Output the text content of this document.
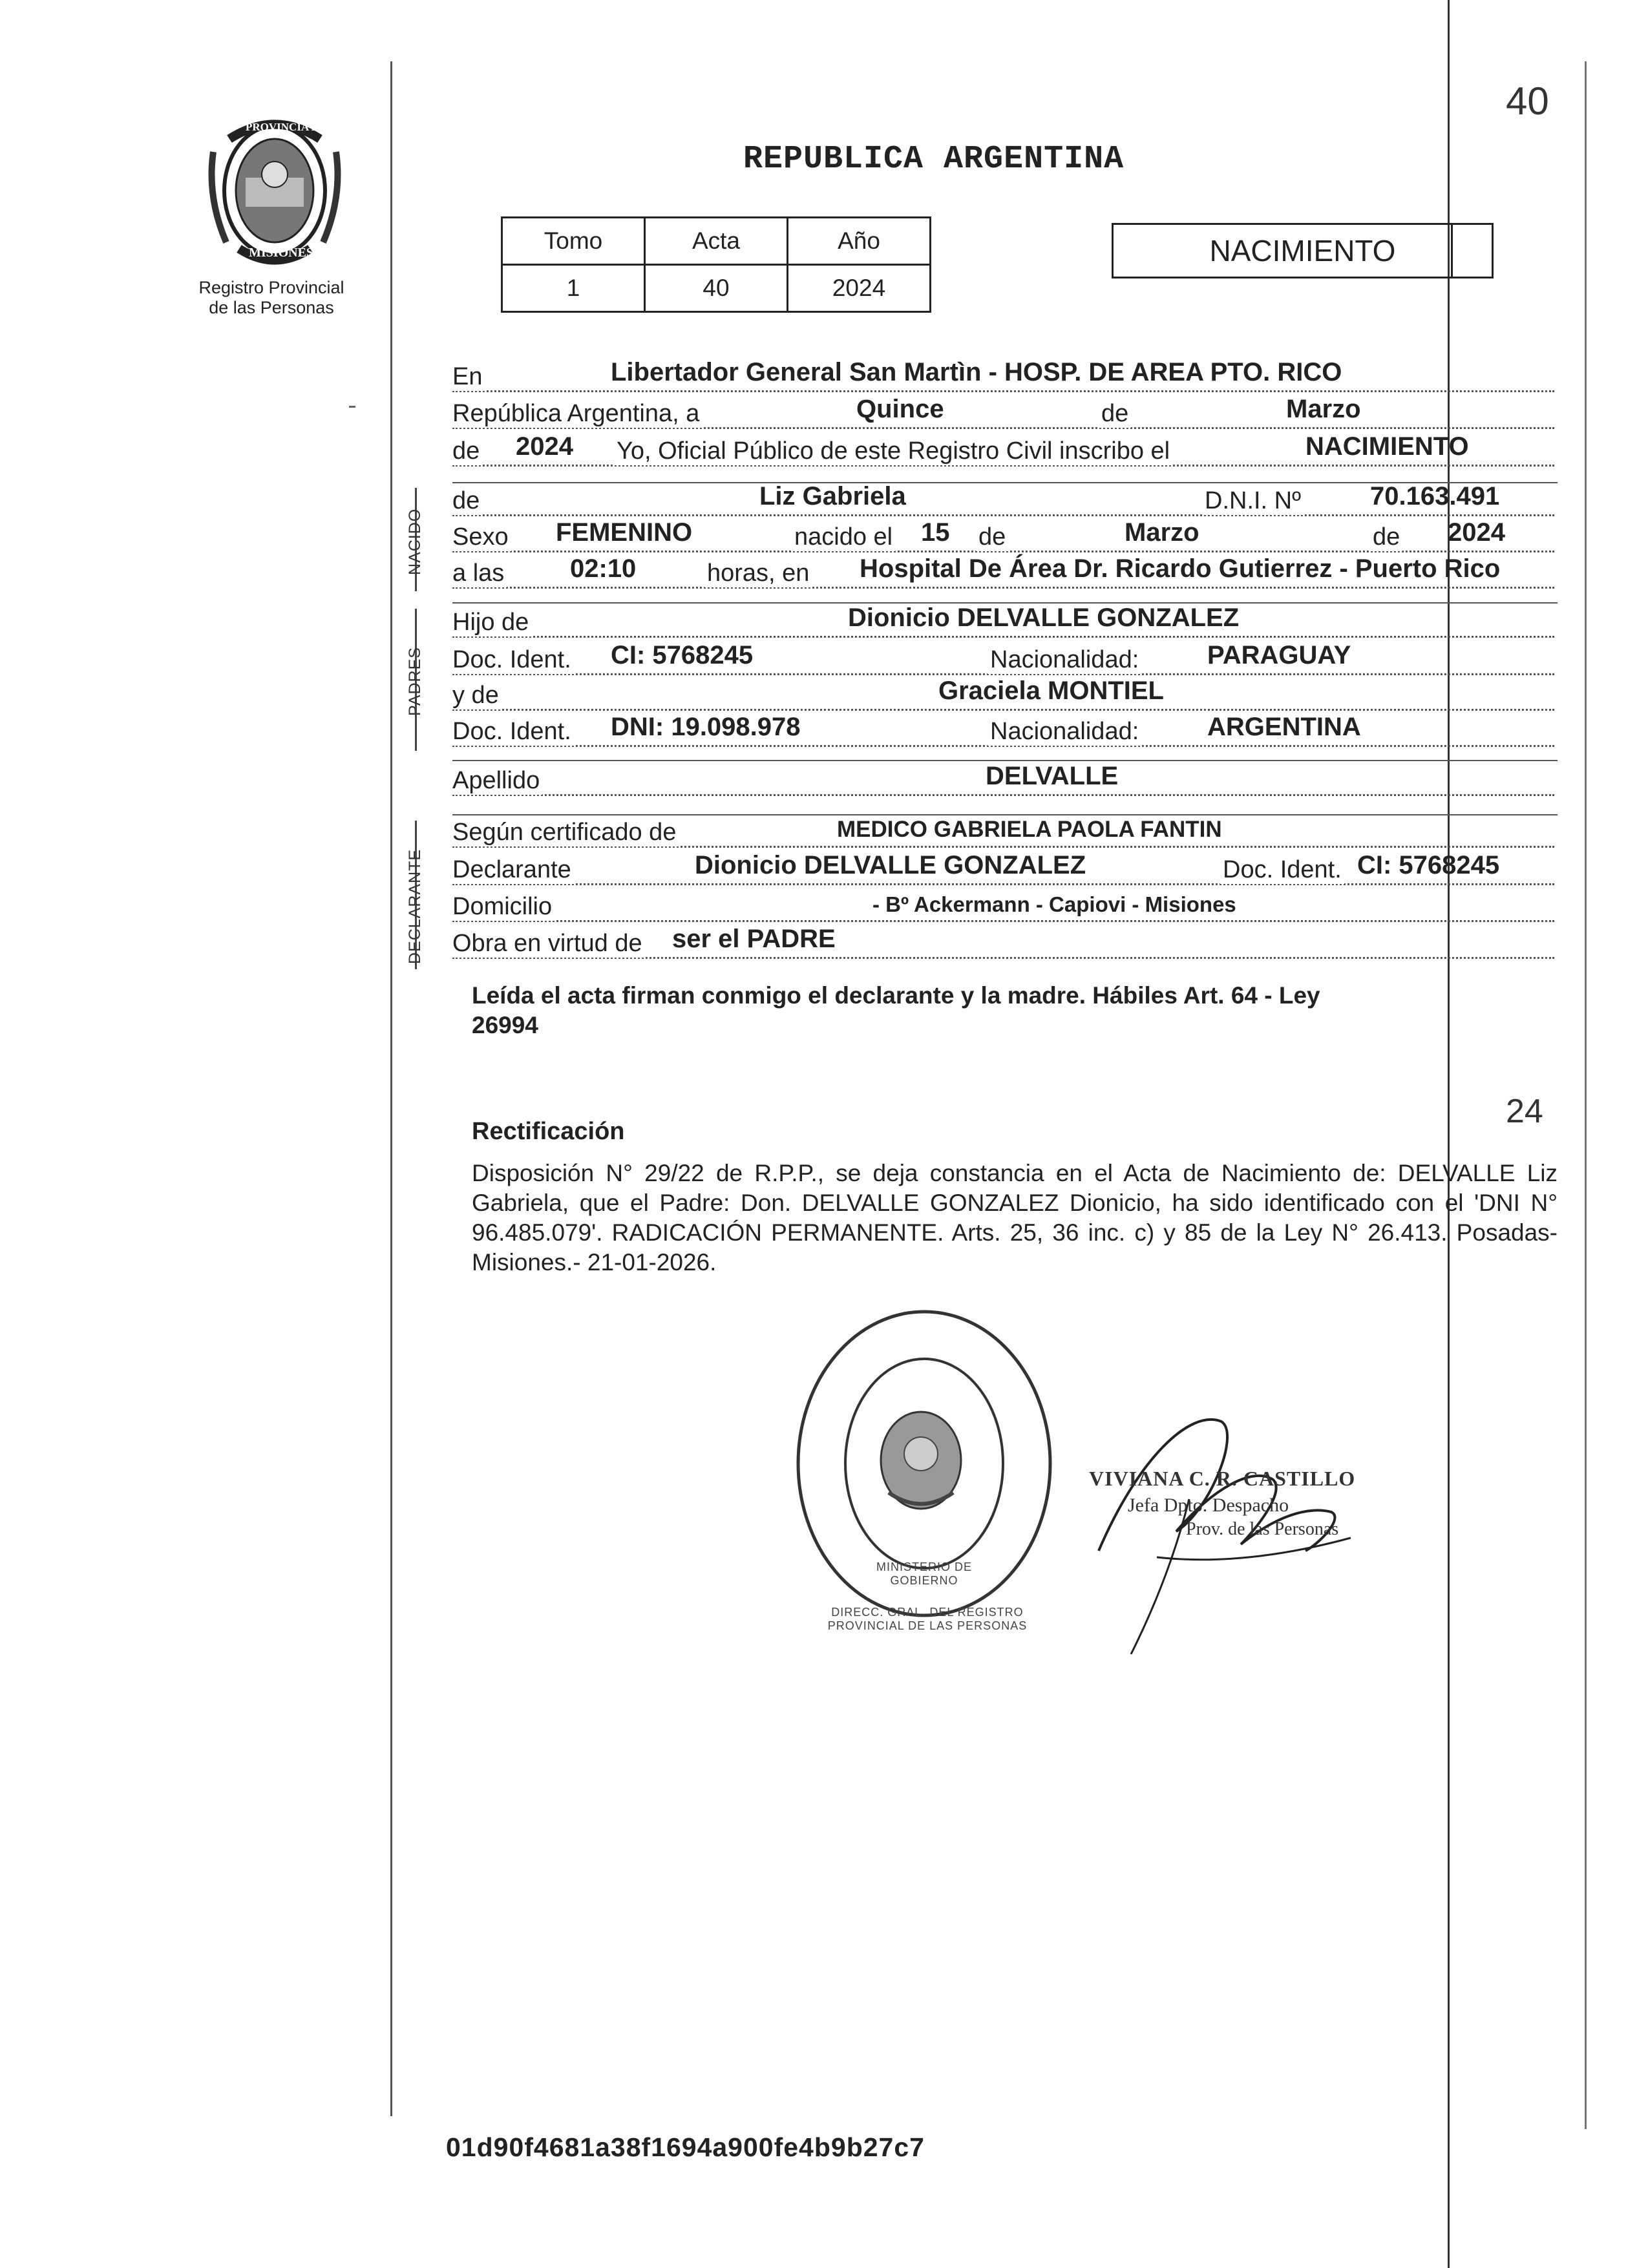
PROVINCIA DE
MISIONES
Registro Provincial
de las Personas
REPUBLICA ARGENTINA
40
Tomo	Acta	Año
1	40	2024
NACIMIENTO
En	Libertador General San Martìn - HOSP. DE AREA PTO. RICO
República Argentina, a	Quince	de	Marzo
de 2024 Yo, Oficial Público de este Registro Civil inscribo el	NACIMIENTO
NACIDO
de	Liz Gabriela	D.N.I. Nº	70.163.491
Sexo FEMENINO	nacido el 15 de	Marzo	de 2024
a las	02:10	horas, en Hospital De Área Dr. Ricardo Gutierrez - Puerto Rico
PADRES
Hijo de	Dionicio DELVALLE GONZALEZ
Doc. Ident. CI: 5768245	Nacionalidad:	PARAGUAY
y de	Graciela MONTIEL
Doc. Ident. DNI: 19.098.978	Nacionalidad:	ARGENTINA
Apellido	DELVALLE
DECLARANTE
Según certificado de	MEDICO GABRIELA PAOLA FANTIN
Declarante	Dionicio DELVALLE GONZALEZ	Doc. Ident. CI: 5768245
Domicilio	- Bº Ackermann - Capiovi - Misiones
Obra en virtud de ser el PADRE
Leída el acta firman conmigo el declarante y la madre. Hábiles Art. 64 - Ley
26994
24
Rectificación
Disposición N° 29/22 de R.P.P., se deja constancia en el Acta de Nacimiento de: DELVALLE Liz Gabriela, que el Padre: Don. DELVALLE GONZALEZ Dionicio, ha sido identificado con el 'DNI N° 96.485.079'. RADICACIÓN PERMANENTE. Arts. 25, 36 inc. c) y 85 de la Ley N° 26.413. Posadas- Misiones.- 21-01-2026.
DIRECC. GRAL. DEL REGISTRO PROVINCIAL DE LAS PERSONAS
MINISTERIO DE GOBIERNO
VIVIANA C. R. CASTILLO
Jefa Dpto. Despacho
Prov. de las Personas
01d90f4681a38f1694a900fe4b9b27c7
